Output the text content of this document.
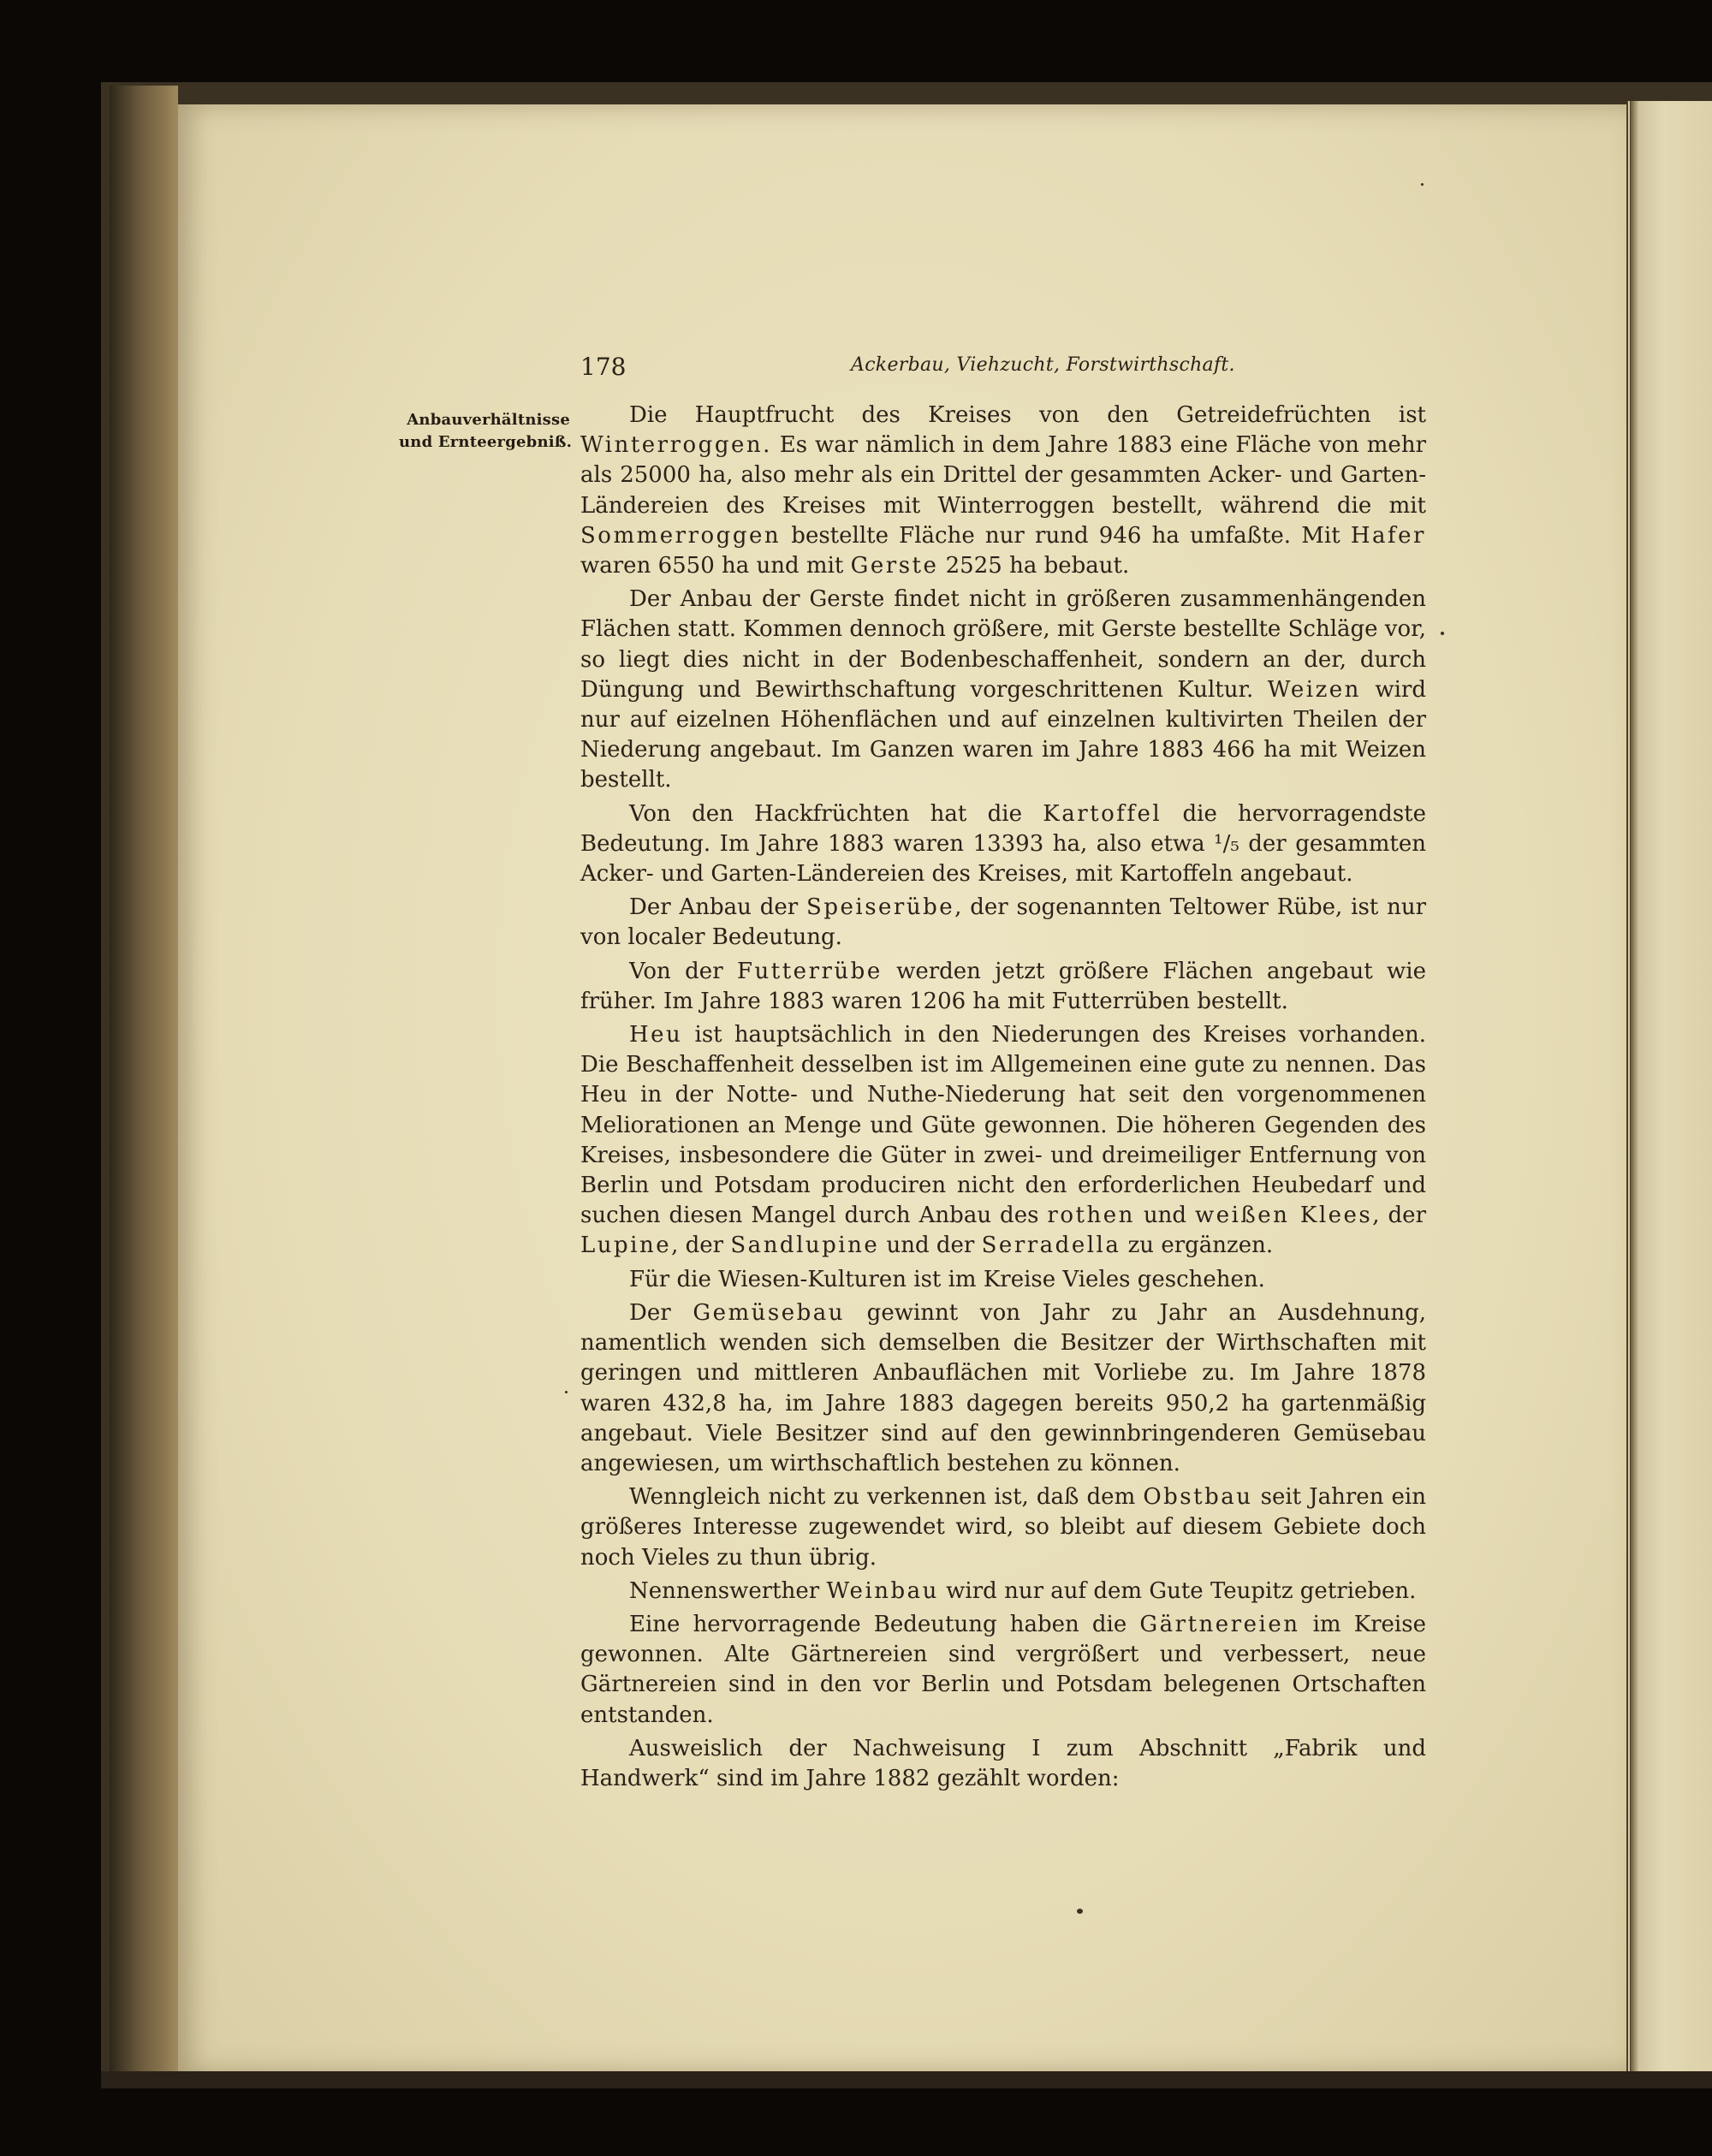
178	Ackerbau, Viehzucht, Forstwirthschaft.
Anbauverhältnisse
und Ernteergebniß.

Die Hauptfrucht des Kreises von den Getreidefrüchten ist Winterroggen. Es war nämlich in dem Jahre 1883 eine Fläche von mehr als 25000 ha, also mehr als ein Drittel der gesammten Acker- und Garten-Ländereien des Kreises mit Winterroggen bestellt, während die mit Sommerroggen bestellte Fläche nur rund 946 ha umfaßte. Mit Hafer waren 6550 ha und mit Gerste 2525 ha bebaut.

Der Anbau der Gerste findet nicht in größeren zusammenhängenden Flächen statt. Kommen dennoch größere, mit Gerste bestellte Schläge vor, so liegt dies nicht in der Bodenbeschaffenheit, sondern an der, durch Düngung und Bewirthschaftung vorgeschrittenen Kultur. Weizen wird nur auf eizelnen Höhenflächen und auf einzelnen kultivirten Theilen der Niederung angebaut. Im Ganzen waren im Jahre 1883 466 ha mit Weizen bestellt.

Von den Hackfrüchten hat die Kartoffel die hervorragendste Bedeutung. Im Jahre 1883 waren 13393 ha, also etwa ¹/₅ der gesammten Acker- und Garten-Ländereien des Kreises, mit Kartoffeln angebaut.

Der Anbau der Speiserübe, der sogenannten Teltower Rübe, ist nur von localer Bedeutung.

Von der Futterrübe werden jetzt größere Flächen angebaut wie früher. Im Jahre 1883 waren 1206 ha mit Futterrüben bestellt.

Heu ist hauptsächlich in den Niederungen des Kreises vorhanden. Die Beschaffenheit desselben ist im Allgemeinen eine gute zu nennen. Das Heu in der Notte- und Nuthe-Niederung hat seit den vorgenommenen Meliorationen an Menge und Güte gewonnen. Die höheren Gegenden des Kreises, insbesondere die Güter in zwei- und dreimeiliger Entfernung von Berlin und Potsdam produciren nicht den erforderlichen Heubedarf und suchen diesen Mangel durch Anbau des rothen und weißen Klees, der Lupine, der Sandlupine und der Serradella zu ergänzen.

Für die Wiesen-Kulturen ist im Kreise Vieles geschehen.

Der Gemüsebau gewinnt von Jahr zu Jahr an Ausdehnung, namentlich wenden sich demselben die Besitzer der Wirthschaften mit geringen und mittleren Anbauflächen mit Vorliebe zu. Im Jahre 1878 waren 432,8 ha, im Jahre 1883 dagegen bereits 950,2 ha gartenmäßig angebaut. Viele Besitzer sind auf den gewinnbringenderen Gemüsebau angewiesen, um wirthschaftlich bestehen zu können.

Wenngleich nicht zu verkennen ist, daß dem Obstbau seit Jahren ein größeres Interesse zugewendet wird, so bleibt auf diesem Gebiete doch noch Vieles zu thun übrig.

Nennenswerther Weinbau wird nur auf dem Gute Teupitz getrieben.

Eine hervorragende Bedeutung haben die Gärtnereien im Kreise gewonnen. Alte Gärtnereien sind vergrößert und verbessert, neue Gärtnereien sind in den vor Berlin und Potsdam belegenen Ortschaften entstanden.

Ausweislich der Nachweisung I zum Abschnitt „Fabrik und Handwerk“ sind im Jahre 1882 gezählt worden:
